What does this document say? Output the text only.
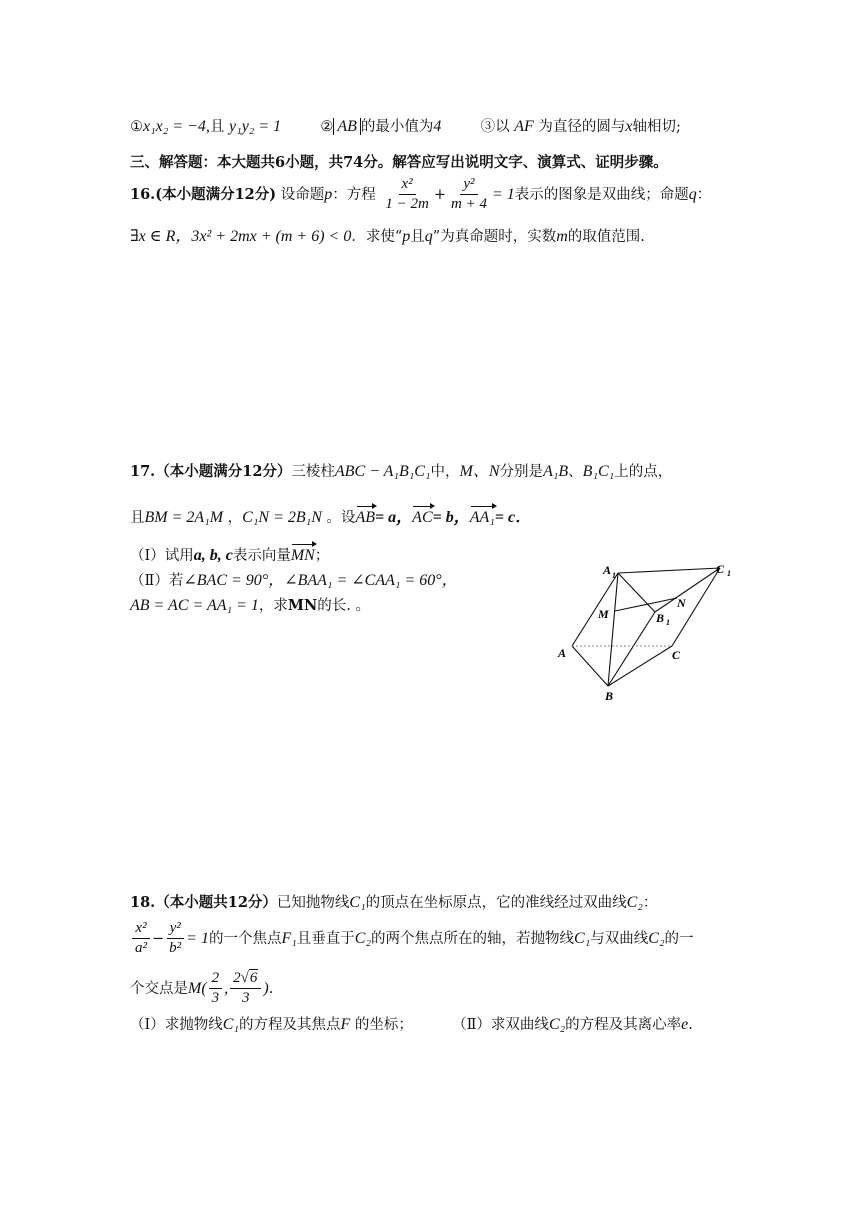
①x₁x₂ = −4,且 y₁y₂ = 1	② AB 的最小值为4	③以 AF 为直径的圆与x轴相切;
三、解答题：本大题共6小题，共74分。解答应写出说明文字、演算式、证明步骤。
16.(本小题满分12分) 设命题p：方程 $\frac{\text{x²}}{1 - 2m} + \frac{\text{y²}}{m + 4} = 1$表示的图象是双曲线；命题q：
∃x ∈ R，3x² + 2mx + (m + 6) < 0．求使“p且q”为真命题时，实数m的取值范围.
17.（本小题满分12分）三棱柱ABC − A₁B₁C₁中，M、N分别是A₁B、B₁C₁上的点，
且BM = 2A₁M ，C₁N = 2B₁N 。设AB= a，AC= b，AA₁= c．
（Ⅰ）试用a, b, c表示向量MN；
（Ⅱ）若∠BAC = 90°，∠BAA₁ = ∠CAA₁ = 60°，
AB = AC = AA₁ = 1，求MN的长. 。
A 1	C 1
M
N
B 1
A	C
B
18.（本小题共12分）已知抛物线C₁的顶点在坐标原点，它的准线经过双曲线C₂：
$\frac{\text{x²}}{\text{a²}} - \frac{\text{y²}}{\text{b²}} = 1$的一个焦点F₁且垂直于C₂的两个焦点所在的轴，若抛物线C₁与双曲线C₂的一
个交点是$M( \frac{2}{3}$ , $\frac{2√6}{3}$ ).
（Ⅰ）求抛物线C₁的方程及其焦点F 的坐标；	（Ⅱ）求双曲线C₂的方程及其离心率e.
